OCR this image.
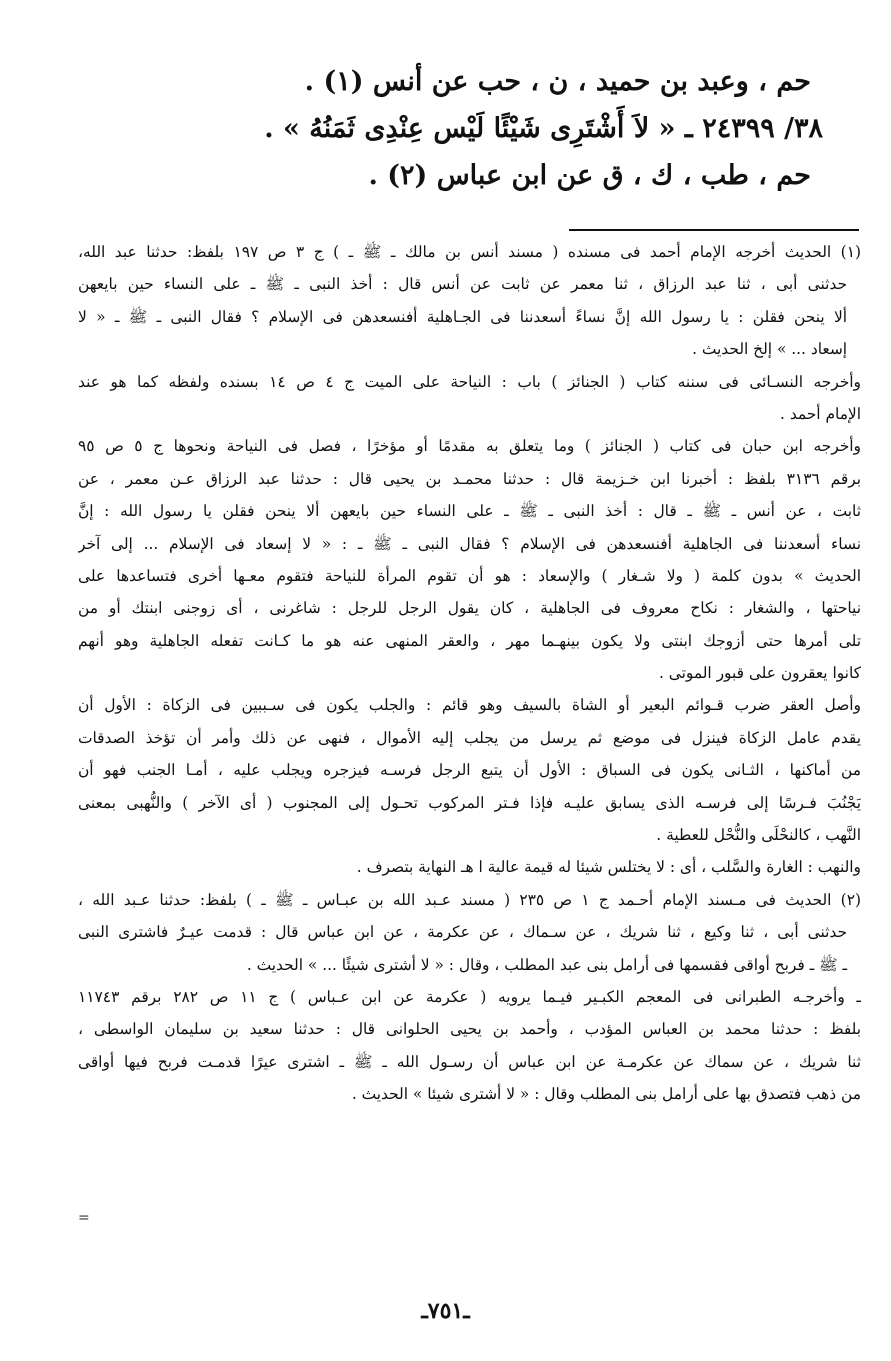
حم ، وعبد بن حميد ، ن ، حب عن أنس (١) .
٣٨/ ٢٤٣٩٩ ـ « لاَ أَشْتَرِى شَيْئًا لَيْس عِنْدِى ثَمَنُهُ » .
حم ، طب ، ك ، ق عن ابن عباس (٢) .
(١) الحديث أخرجه الإمام أحمد فى مسنده ( مسند أنس بن مالك ـ ﷺ ـ ) ج ٣ ص ١٩٧ بلفظ: حدثنا عبد الله،
حدثنى أبى ، ثنا عبد الرزاق ، ثنا معمر عن ثابت عن أنس قال : أخذ النبى ـ ﷺ ـ على النساء حين بايعهن
ألا ينحن فقلن : يا رسول الله إنَّ نساءً أسعدننا فى الجـاهلية أفنسعدهن فى الإسلام ؟ فقال النبى ـ ﷺ ـ « لا
إسعاد ... » إلخ الحديث .
وأخرجه النسـائى فى سننه كتاب ( الجنائز ) باب : النياحة على الميت ج ٤ ص ١٤ بسنده ولفظه كما هو عند
الإمام أحمد .
وأخرجه ابن حبان فى كتاب ( الجنائز ) وما يتعلق به مقدمًا أو مؤخرًا ، فصل فى النياحة ونحوها ج ٥ ص ٩٥
برقم ٣١٣٦ بلفظ : أخبرنا ابن خـزيمة قال : حدثنا محمـد بن يحيى قال : حدثنا عبد الرزاق عـن معمر ، عن
ثابت ، عن أنس ـ ﷺ ـ قال : أخذ النبى ـ ﷺ ـ على النساء حين بايعهن ألا ينحن فقلن يا رسول الله : إنَّ
نساء أسعدننا فى الجاهلية أفنسعدهن فى الإسلام ؟ فقال النبى ـ ﷺ ـ : « لا إسعاد فى الإسلام ... إلى آخر
الحديث » بدون كلمة ( ولا شـغار ) والإسعاد : هو أن تقوم المرأة للنياحة فتقوم معـها أخرى فتساعدها على
نياحتها ، والشغار : نكاح معروف فى الجاهلية ، كان يقول الرجل للرجل : شاغرنى ، أى زوجنى ابنتك أو من
تلى أمرها حتى أزوجك ابنتى ولا يكون بينهـما مهر ، والعقر المنهى عنه هو ما كـانت تفعله الجاهلية وهو أنهم
كانوا يعقرون على قبور الموتى .
وأصل العقر ضرب قـوائم البعير أو الشاة بالسيف وهو قائم : والجلب يكون فى سـببين فى الزكاة : الأول أن
يقدم عامل الزكاة فينزل فى موضع ثم يرسل من يجلب إليه الأموال ، فنهى عن ذلك وأمر أن تؤخذ الصدقات
من أماكنها ، الثـانى يكون فى السباق : الأول أن يتبع الرجل فرسـه فيزجره ويجلب عليه ، أمـا الجنب فهو أن
يَجْنُبَ فـرسًا إلى فرسـه الذى يسابق عليـه فإذا فـتر المركوب تحـول إلى المجنوب ( أى الآخر ) والنُّهبى بمعنى
النَّهب ، كالنحْلَى والنُّحْل للعطية .
والنهب : الغارة والسَّلب ، أى : لا يختلس شيئا له قيمة عالية ا هـ النهاية بتصرف .
(٢) الحديث فى مـسند الإمام أحـمد ج ١ ص ٢٣٥ ( مسند عـبد الله بن عبـاس ـ ﷺ ـ ) بلفظ: حدثنا عـبد الله ،
حدثنى أبى ، ثنا وكيع ، ثنا شريك ، عن سـماك ، عن عكرمة ، عن ابن عباس قال : قدمت عيـرٌ فاشترى النبى
ـ ﷺ ـ فربح أواقى فقسمها فى أرامل بنى عبد المطلب ، وقال : « لا أشترى شيئًا ... » الحديث .
ـ وأخرجـه الطبرانى فى المعجم الكبـير فيـما يرويه ( عكرمة عن ابن عـباس ) ج ١١ ص ٢٨٢ برقم ١١٧٤٣
بلفظ : حدثنا محمد بن العباس المؤدب ، وأحمد بن يحيى الحلوانى قال : حدثنا سعيد بن سليمان الواسطى ،
ثنا شريك ، عن سماك عن عكرمـة عن ابن عباس أن رسـول الله ـ ﷺ ـ اشترى عيرًا قدمـت فربح فيها أواقى
من ذهب فتصدق بها على أرامل بنى المطلب وقال : « لا أشترى شيئا » الحديث .
=
ـ٧٥١ـ
